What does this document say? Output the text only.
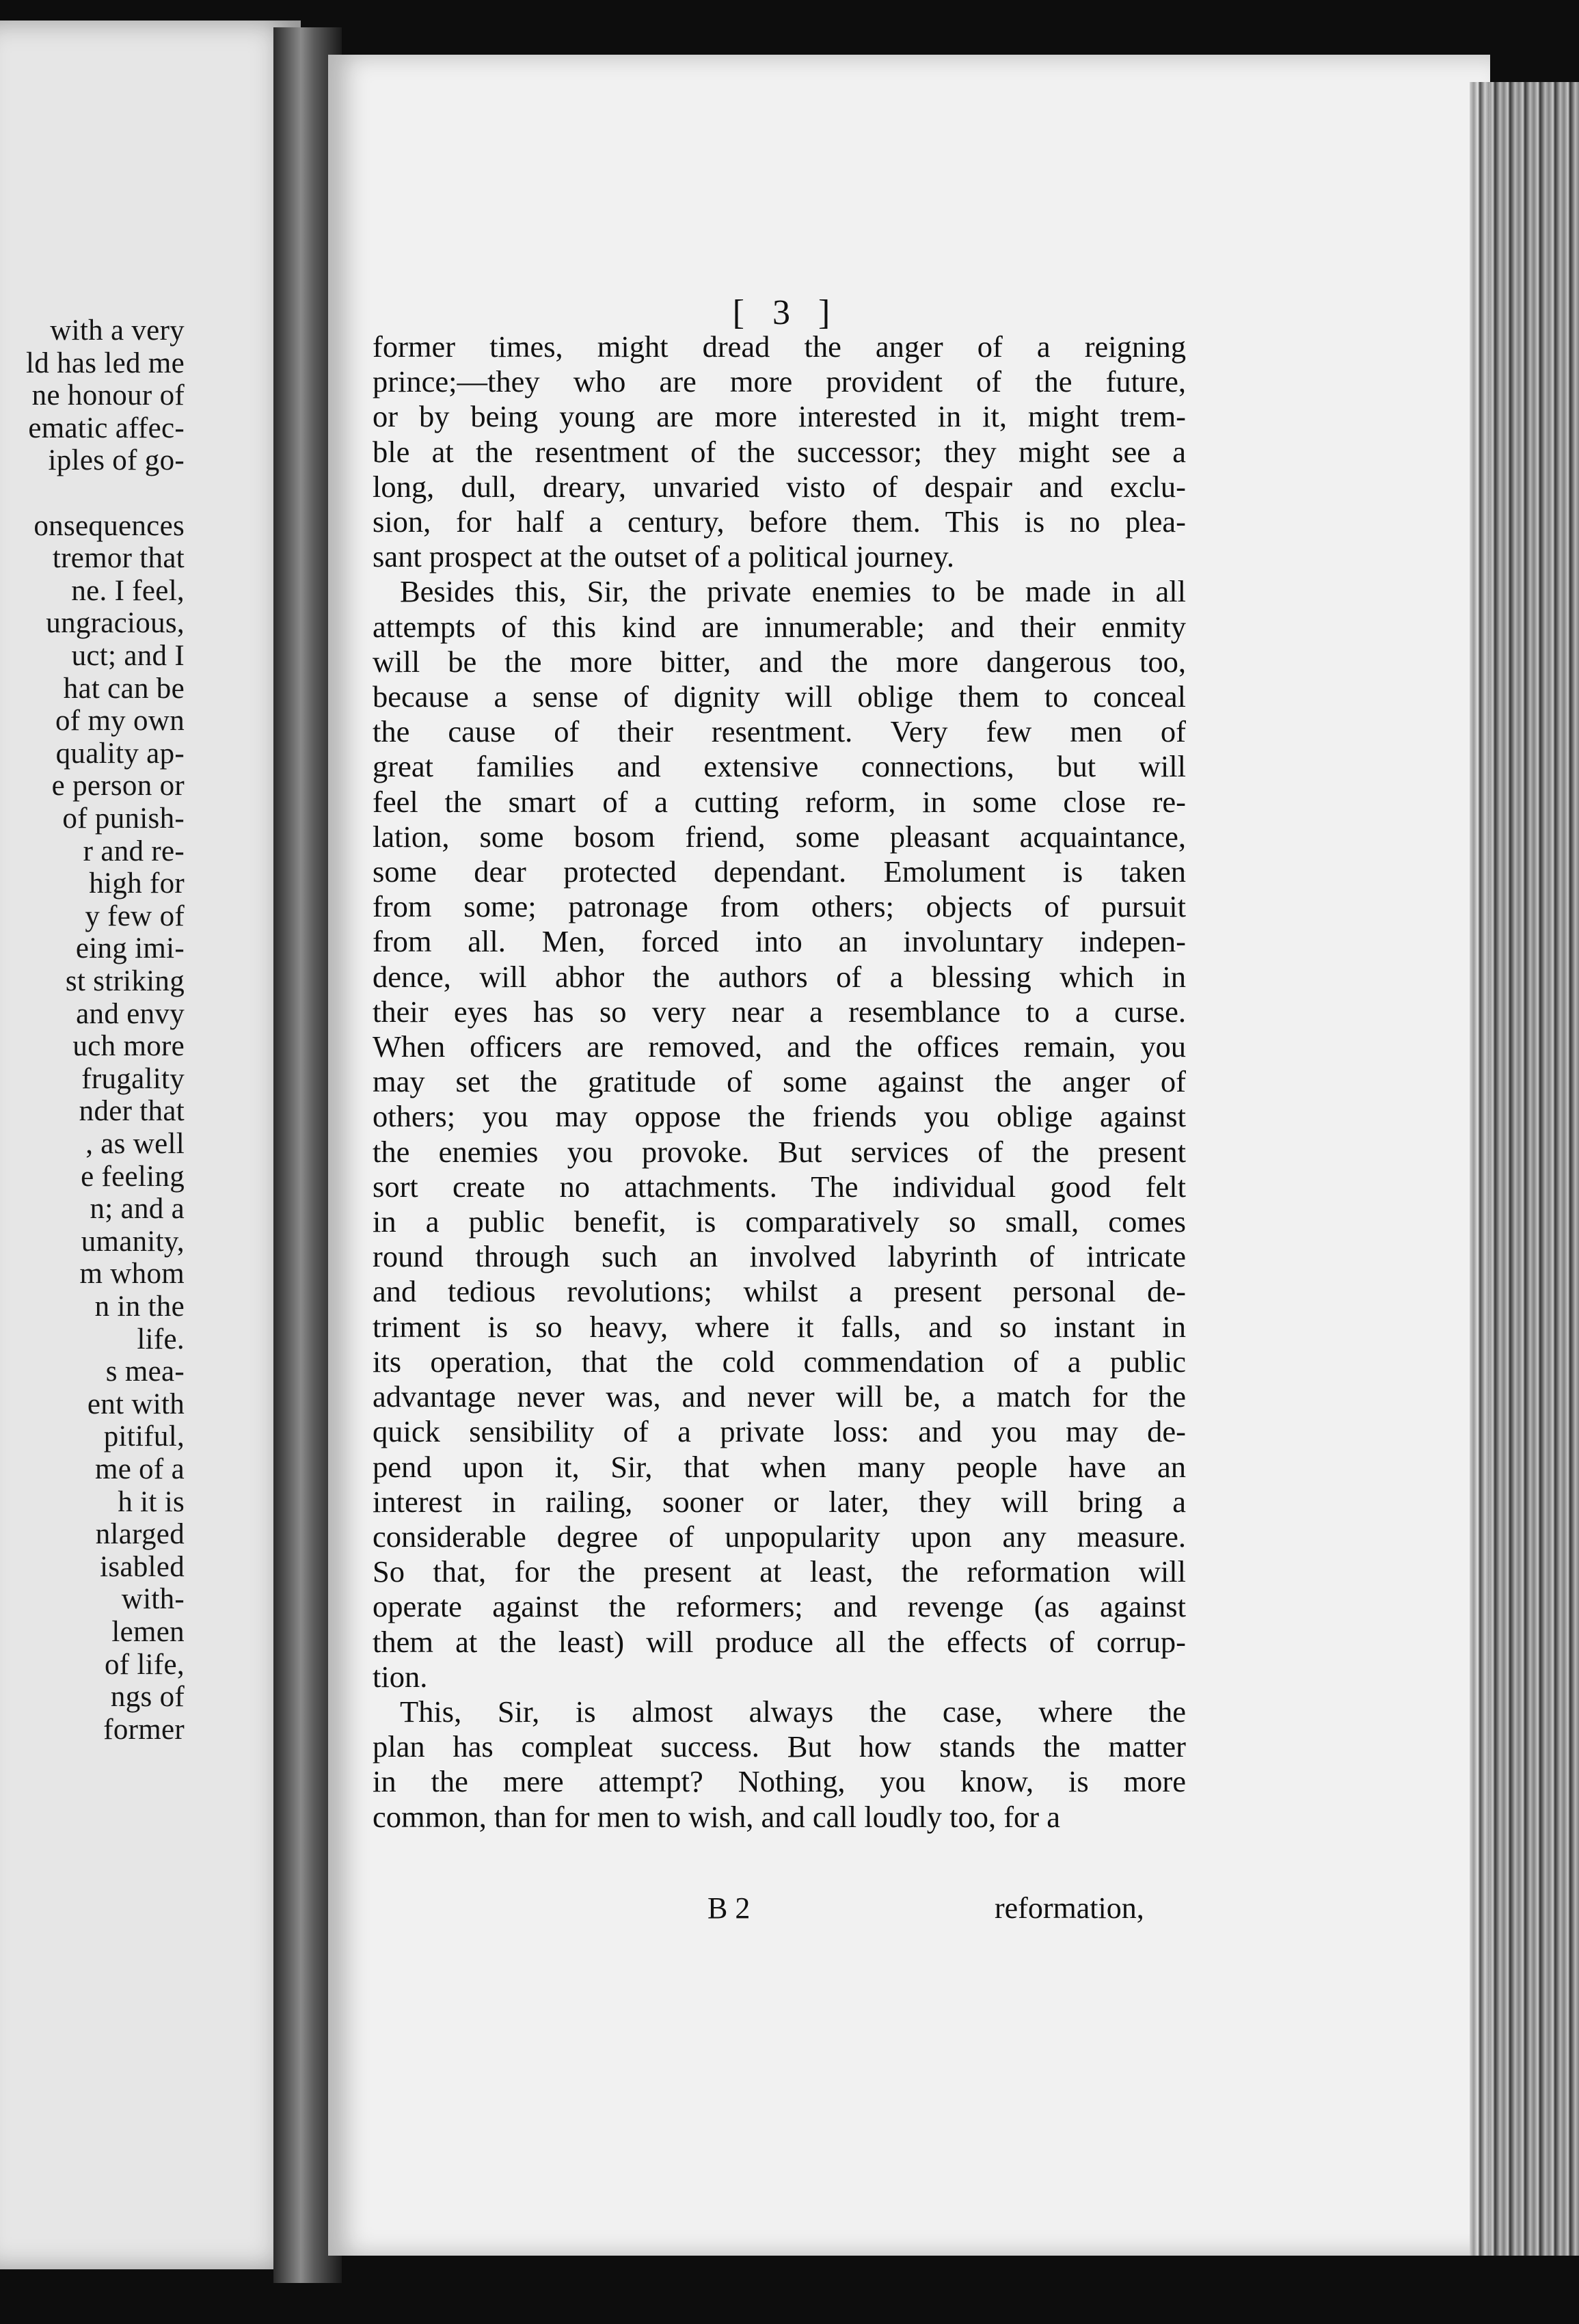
with a very
ld has led me
ne honour of
ematic affec-
iples of go-
onsequences
tremor that
ne. I feel,
ungracious,
uct; and I
hat can be
of my own
quality ap-
e person or
of punish-
r and re-
high for
y few of
eing imi-
st striking
and envy
uch more
frugality
nder that
, as well
e feeling
n; and a
umanity,
m whom
n in the
life.
s mea-
ent with
pitiful,
me of a
h it is
nlarged
isabled
with-
lemen
of life,
ngs of
former
[ 3 ]
former times, might dread the anger of a reigning
prince;—they who are more provident of the future,
or by being young are more interested in it, might trem-
ble at the resentment of the successor; they might see a
long, dull, dreary, unvaried visto of despair and exclu-
sion, for half a century, before them. This is no plea-
sant prospect at the outset of a political journey.
Besides this, Sir, the private enemies to be made in all
attempts of this kind are innumerable; and their enmity
will be the more bitter, and the more dangerous too,
because a sense of dignity will oblige them to conceal
the cause of their resentment. Very few men of
great families and extensive connections, but will
feel the smart of a cutting reform, in some close re-
lation, some bosom friend, some pleasant acquaintance,
some dear protected dependant. Emolument is taken
from some; patronage from others; objects of pursuit
from all. Men, forced into an involuntary indepen-
dence, will abhor the authors of a blessing which in
their eyes has so very near a resemblance to a curse.
When officers are removed, and the offices remain, you
may set the gratitude of some against the anger of
others; you may oppose the friends you oblige against
the enemies you provoke. But services of the present
sort create no attachments. The individual good felt
in a public benefit, is comparatively so small, comes
round through such an involved labyrinth of intricate
and tedious revolutions; whilst a present personal de-
triment is so heavy, where it falls, and so instant in
its operation, that the cold commendation of a public
advantage never was, and never will be, a match for the
quick sensibility of a private loss: and you may de-
pend upon it, Sir, that when many people have an
interest in railing, sooner or later, they will bring a
considerable degree of unpopularity upon any measure.
So that, for the present at least, the reformation will
operate against the reformers; and revenge (as against
them at the least) will produce all the effects of corrup-
tion.
This, Sir, is almost always the case, where the
plan has compleat success. But how stands the matter
in the mere attempt? Nothing, you know, is more
common, than for men to wish, and call loudly too, for a
B 2	reformation,
